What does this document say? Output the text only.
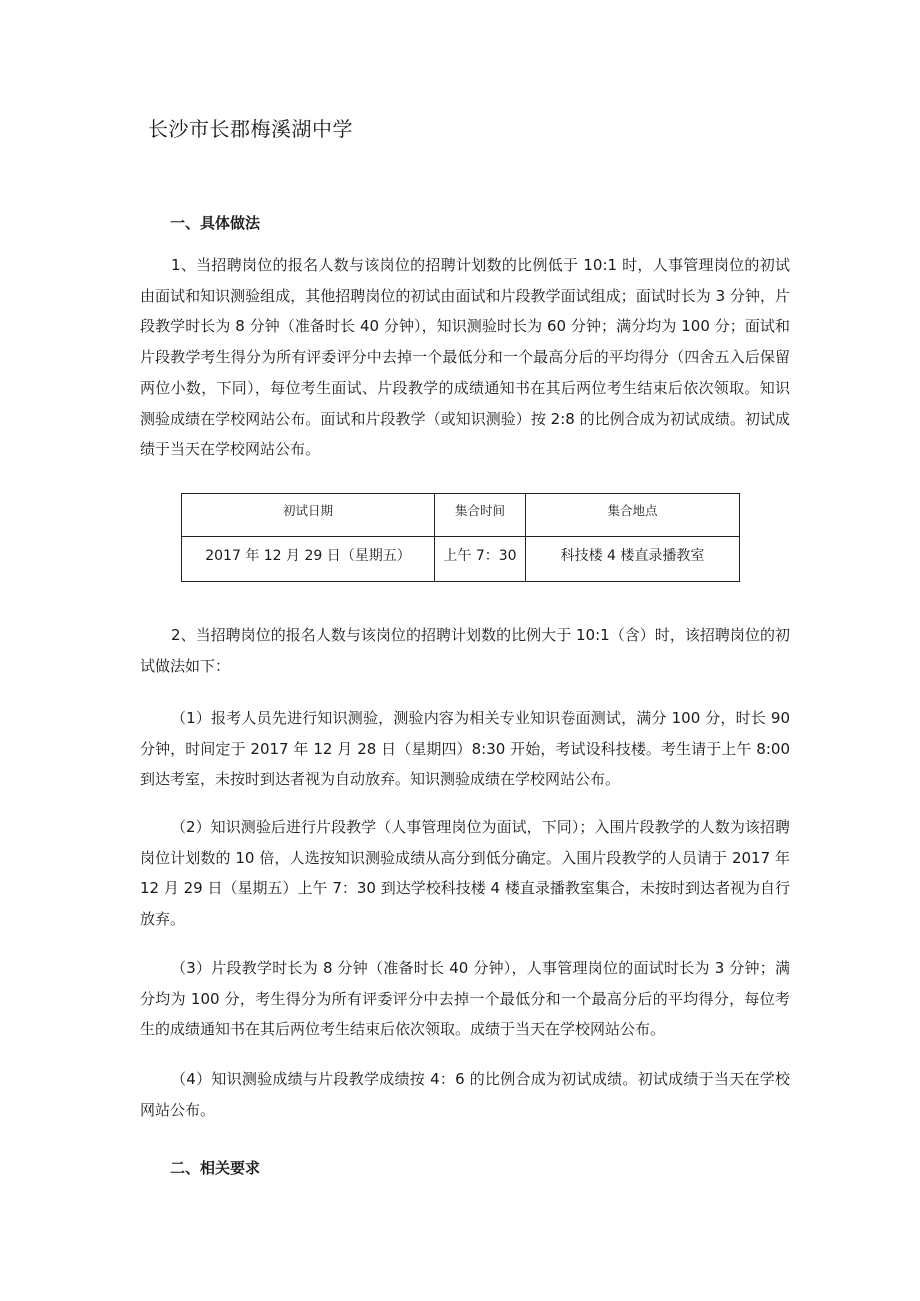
长沙市长郡梅溪湖中学
一、具体做法

1、当招聘岗位的报名人数与该岗位的招聘计划数的比例低于 10:1 时，人事管理岗位的初试由面试和知识测验组成，其他招聘岗位的初试由面试和片段教学面试组成；面试时长为 3 分钟，片段教学时长为 8 分钟（准备时长 40 分钟），知识测验时长为 60 分钟；满分均为 100 分；面试和片段教学考生得分为所有评委评分中去掉一个最低分和一个最高分后的平均得分（四舍五入后保留两位小数，下同），每位考生面试、片段教学的成绩通知书在其后两位考生结束后依次领取。知识测验成绩在学校网站公布。面试和片段教学（或知识测验）按 2:8 的比例合成为初试成绩。初试成绩于当天在学校网站公布。

初试日期	集合时间	集合地点
2017 年 12 月 29 日（星期五）	上午 7：30	科技楼 4 楼直录播教室

2、当招聘岗位的报名人数与该岗位的招聘计划数的比例大于 10:1（含）时，该招聘岗位的初试做法如下：

（1）报考人员先进行知识测验，测验内容为相关专业知识卷面测试，满分 100 分，时长 90 分钟，时间定于 2017 年 12 月 28 日（星期四）8:30 开始，考试设科技楼。考生请于上午 8:00 到达考室，未按时到达者视为自动放弃。知识测验成绩在学校网站公布。

（2）知识测验后进行片段教学（人事管理岗位为面试，下同）；入围片段教学的人数为该招聘岗位计划数的 10 倍，人选按知识测验成绩从高分到低分确定。入围片段教学的人员请于 2017 年 12 月 29 日（星期五）上午 7：30 到达学校科技楼 4 楼直录播教室集合，未按时到达者视为自行放弃。

（3）片段教学时长为 8 分钟（准备时长 40 分钟），人事管理岗位的面试时长为 3 分钟；满分均为 100 分，考生得分为所有评委评分中去掉一个最低分和一个最高分后的平均得分，每位考生的成绩通知书在其后两位考生结束后依次领取。成绩于当天在学校网站公布。

（4）知识测验成绩与片段教学成绩按 4：6 的比例合成为初试成绩。初试成绩于当天在学校网站公布。

二、相关要求
